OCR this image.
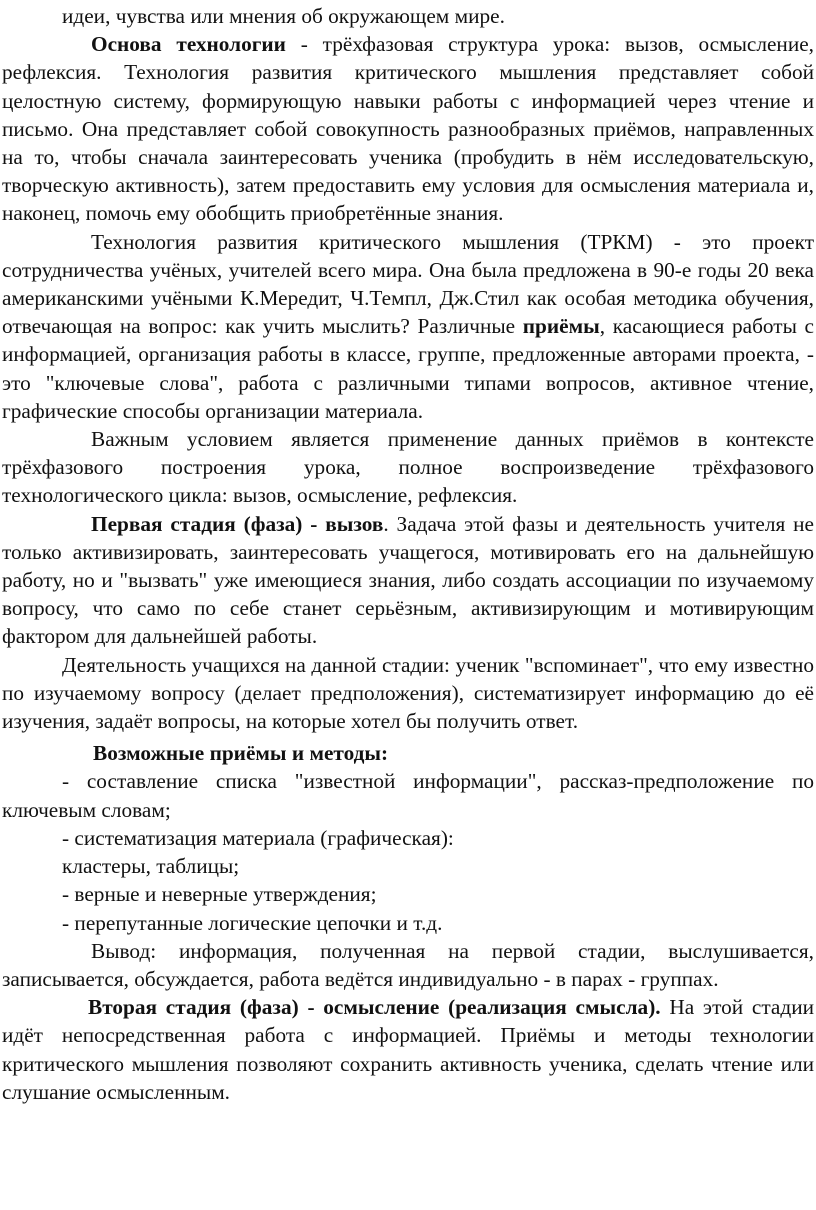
идеи, чувства или мнения об окружающем мире.

Основа технологии - трёхфазовая структура урока: вызов, осмысление, рефлексия. Технология развития критического мышления представляет собой целостную систему, формирующую навыки работы с информацией через чтение и письмо. Она представляет собой совокупность разнообразных приёмов, направленных на то, чтобы сначала заинтересовать ученика (пробудить в нём исследовательскую, творческую активность), затем предоставить ему условия для осмысления материала и, наконец, помочь ему обобщить приобретённые знания.

Технология развития критического мышления (ТРКМ) - это проект сотрудничества учёных, учителей всего мира. Она была предложена в 90-е годы 20 века американскими учёными К.Мередит, Ч.Темпл, Дж.Стил как особая методика обучения, отвечающая на вопрос: как учить мыслить? Различные приёмы, касающиеся работы с информацией, организация работы в классе, группе, предложенные авторами проекта, - это "ключевые слова", работа с различными типами вопросов, активное чтение, графические способы организации материала.

Важным условием является применение данных приёмов в контексте трёхфазового построения урока, полное воспроизведение трёхфазового технологического цикла: вызов, осмысление, рефлексия.

Первая стадия (фаза) - вызов. Задача этой фазы и деятельность учителя не только активизировать, заинтересовать учащегося, мотивировать его на дальнейшую работу, но и "вызвать" уже имеющиеся знания, либо создать ассоциации по изучаемому вопросу, что само по себе станет серьёзным, активизирующим и мотивирующим фактором для дальнейшей работы.

Деятельность учащихся на данной стадии: ученик "вспоминает", что ему известно по изучаемому вопросу (делает предположения), систематизирует информацию до её изучения, задаёт вопросы, на которые хотел бы получить ответ.

Возможные приёмы и методы:

- составление списка "известной информации", рассказ-предположение по ключевым словам;

- систематизация материала (графическая):

кластеры, таблицы;

- верные и неверные утверждения;

- перепутанные логические цепочки и т.д.

Вывод: информация, полученная на первой стадии, выслушивается, записывается, обсуждается, работа ведётся индивидуально - в парах - группах.

Вторая стадия (фаза) - осмысление (реализация смысла). На этой стадии идёт непосредственная работа с информацией. Приёмы и методы технологии критического мышления позволяют сохранить активность ученика, сделать чтение или слушание осмысленным.
